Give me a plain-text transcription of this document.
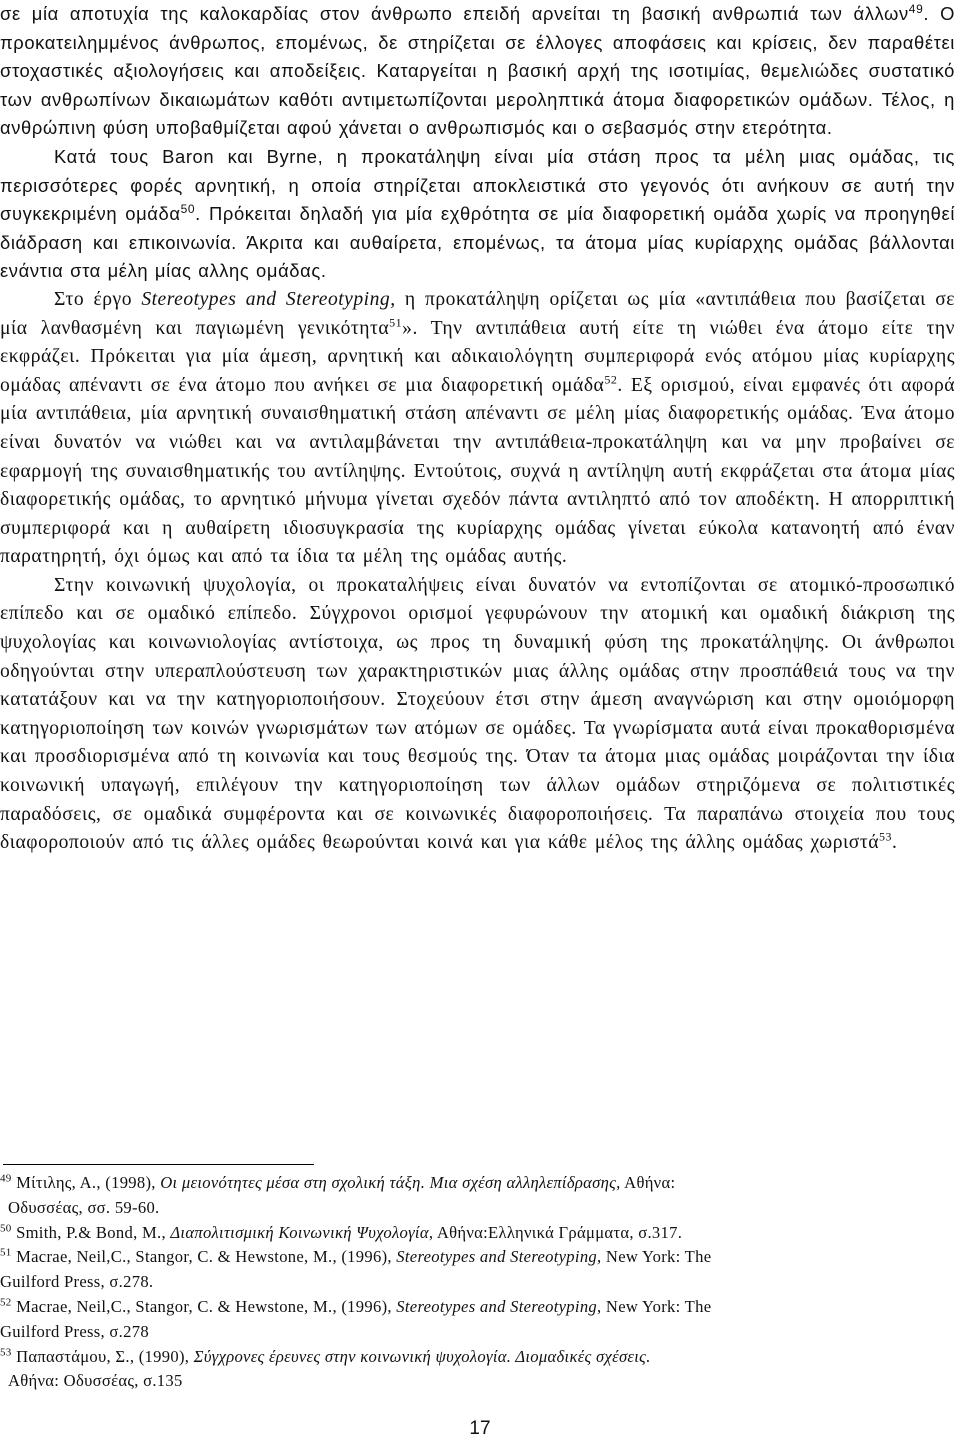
σε μία αποτυχία της καλοκαρδίας στον άνθρωπο επειδή αρνείται τη βασική ανθρωπιά των άλλων$^{49}$. Ο προκατειλημμένος άνθρωπος, επομένως, δε στηρίζεται σε έλλογες αποφάσεις και κρίσεις, δεν παραθέτει στοχαστικές αξιολογήσεις και αποδείξεις. Καταργείται η βασική αρχή της ισοτιμίας, θεμελιώδες συστατικό των ανθρωπίνων δικαιωμάτων καθότι αντιμετωπίζονται μεροληπτικά άτομα διαφορετικών ομάδων. Τέλος, η ανθρώπινη φύση υποβαθμίζεται αφού χάνεται ο ανθρωπισμός και ο σεβασμός στην ετερότητα.

Κατά τους Baron και Byrne, η προκατάληψη είναι μία στάση προς τα μέλη μιας ομάδας, τις περισσότερες φορές αρνητική, η οποία στηρίζεται αποκλειστικά στο γεγονός ότι ανήκουν σε αυτή την συγκεκριμένη ομάδα$^{50}$. Πρόκειται δηλαδή για μία εχθρότητα σε μία διαφορετική ομάδα χωρίς να προηγηθεί διάδραση και επικοινωνία. Άκριτα και αυθαίρετα, επομένως, τα άτομα μίας κυρίαρχης ομάδας βάλλονται ενάντια στα μέλη μίας αλλης ομάδας.

Στο έργο Stereotypes and Stereotyping, η προκατάληψη ορίζεται ως μία «αντιπάθεια που βασίζεται σε μία λανθασμένη και παγιωμένη γενικότητα$^{51}$». Την αντιπάθεια αυτή είτε τη νιώθει ένα άτομο είτε την εκφράζει. Πρόκειται για μία άμεση, αρνητική και αδικαιολόγητη συμπεριφορά ενός ατόμου μίας κυρίαρχης ομάδας απέναντι σε ένα άτομο που ανήκει σε μια διαφορετική ομάδα$^{52}$. Εξ ορισμού, είναι εμφανές ότι αφορά μία αντιπάθεια, μία αρνητική συναισθηματική στάση απέναντι σε μέλη μίας διαφορετικής ομάδας. Ένα άτομο είναι δυνατόν να νιώθει και να αντιλαμβάνεται την αντιπάθεια-προκατάληψη και να μην προβαίνει σε εφαρμογή της συναισθηματικής του αντίληψης. Εντούτοις, συχνά η αντίληψη αυτή εκφράζεται στα άτομα μίας διαφορετικής ομάδας, το αρνητικό μήνυμα γίνεται σχεδόν πάντα αντιληπτό από τον αποδέκτη. Η απορριπτική συμπεριφορά και η αυθαίρετη ιδιοσυγκρασία της κυρίαρχης ομάδας γίνεται εύκολα κατανοητή από έναν παρατηρητή, όχι όμως και από τα ίδια τα μέλη της ομάδας αυτής.

Στην κοινωνική ψυχολογία, οι προκαταλήψεις είναι δυνατόν να εντοπίζονται σε ατομικό-προσωπικό επίπεδο και σε ομαδικό επίπεδο. Σύγχρονοι ορισμοί γεφυρώνουν την ατομική και ομαδική διάκριση της ψυχολογίας και κοινωνιολογίας αντίστοιχα, ως προς τη δυναμική φύση της προκατάληψης. Οι άνθρωποι οδηγούνται στην υπεραπλούστευση των χαρακτηριστικών μιας άλλης ομάδας στην προσπάθειά τους να την κατατάξουν και να την κατηγοριοποιήσουν. Στοχεύουν έτσι στην άμεση αναγνώριση και στην ομοιόμορφη κατηγοριοποίηση των κοινών γνωρισμάτων των ατόμων σε ομάδες. Τα γνωρίσματα αυτά είναι προκαθορισμένα και προσδιορισμένα από τη κοινωνία και τους θεσμούς της. Όταν τα άτομα μιας ομάδας μοιράζονται την ίδια κοινωνική υπαγωγή, επιλέγουν την κατηγοριοποίηση των άλλων ομάδων στηριζόμενα σε πολιτιστικές παραδόσεις, σε ομαδικά συμφέροντα και σε κοινωνικές διαφοροποιήσεις. Τα παραπάνω στοιχεία που τους διαφοροποιούν από τις άλλες ομάδες θεωρούνται κοινά και για κάθε μέλος της άλλης ομάδας χωριστά$^{53}$.

$^{49}$ Μίτιλης, Α., (1998), Οι μειονότητες μέσα στη σχολική τάξη. Μια σχέση αλληλεπίδρασης, Αθήνα:
Οδυσσέας, σσ. 59-60.

$^{50}$ Smith, P.& Bond, M., Διαπολιτισμική Κοινωνική Ψυχολογία, Αθήνα:Ελληνικά Γράμματα, σ.317.

$^{51}$ Macrae, Neil,C., Stangor, C. & Hewstone, M., (1996), Stereotypes and Stereotyping, New York: The
Guilford Press, σ.278.

$^{52}$ Macrae, Neil,C., Stangor, C. & Hewstone, M., (1996), Stereotypes and Stereotyping, New York: The
Guilford Press, σ.278

$^{53}$ Παπαστάμου, Σ., (1990), Σύγχρονες έρευνες στην κοινωνική ψυχολογία. Διομαδικές σχέσεις.
Αθήνα: Οδυσσέας, σ.135

17
